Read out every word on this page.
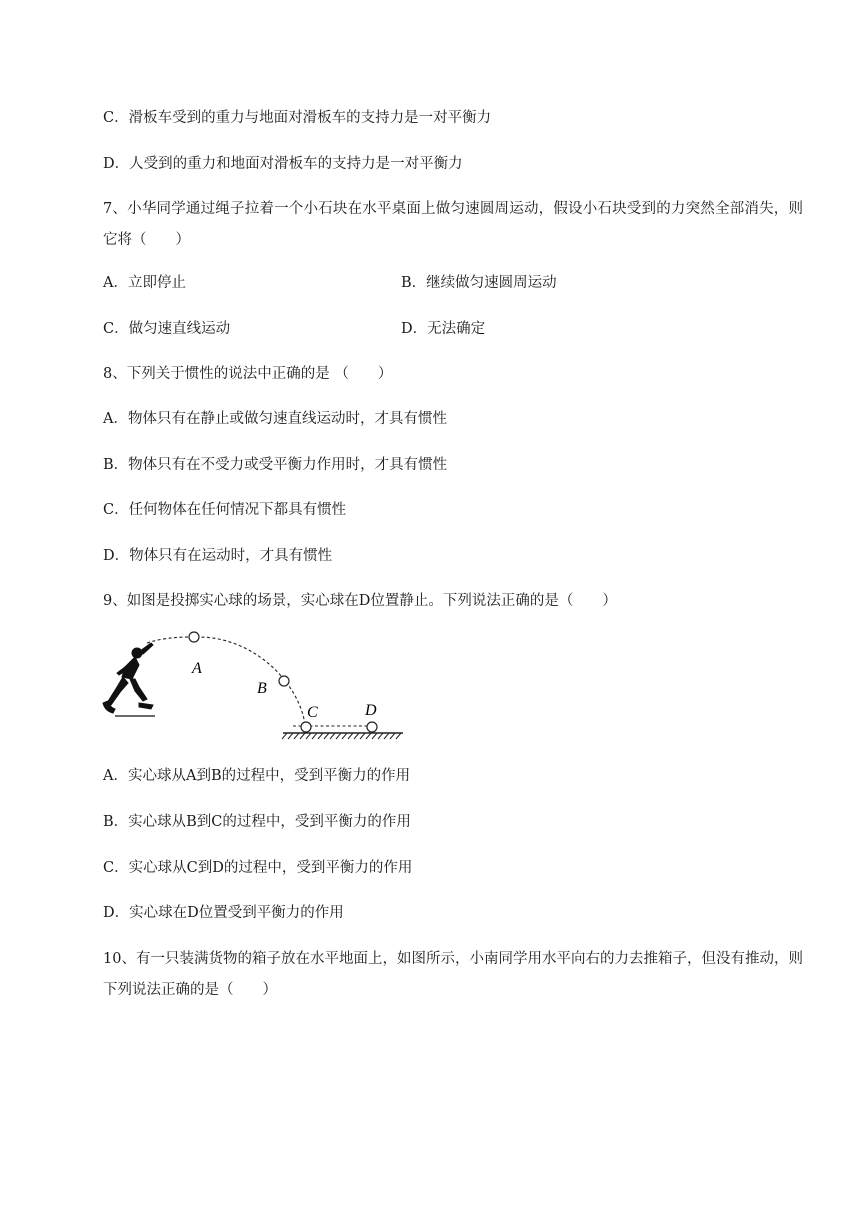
C．滑板车受到的重力与地面对滑板车的支持力是一对平衡力
D．人受到的重力和地面对滑板车的支持力是一对平衡力
7、小华同学通过绳子拉着一个小石块在水平桌面上做匀速圆周运动，假设小石块受到的力突然全部消失，则它将（　　）
A．立即停止	B．继续做匀速圆周运动
C．做匀速直线运动	D．无法确定
8、下列关于惯性的说法中正确的是 （　　）
A．物体只有在静止或做匀速直线运动时，才具有惯性
B．物体只有在不受力或受平衡力作用时，才具有惯性
C．任何物体在任何情况下都具有惯性
D．物体只有在运动时，才具有惯性
9、如图是投掷实心球的场景，实心球在D位置静止。下列说法正确的是（　　）
A
B
C	D
A．实心球从A到B的过程中，受到平衡力的作用
B．实心球从B到C的过程中，受到平衡力的作用
C．实心球从C到D的过程中，受到平衡力的作用
D．实心球在D位置受到平衡力的作用
10、有一只装满货物的箱子放在水平地面上，如图所示，小南同学用水平向右的力去推箱子，但没有推动，则下列说法正确的是（　　）
